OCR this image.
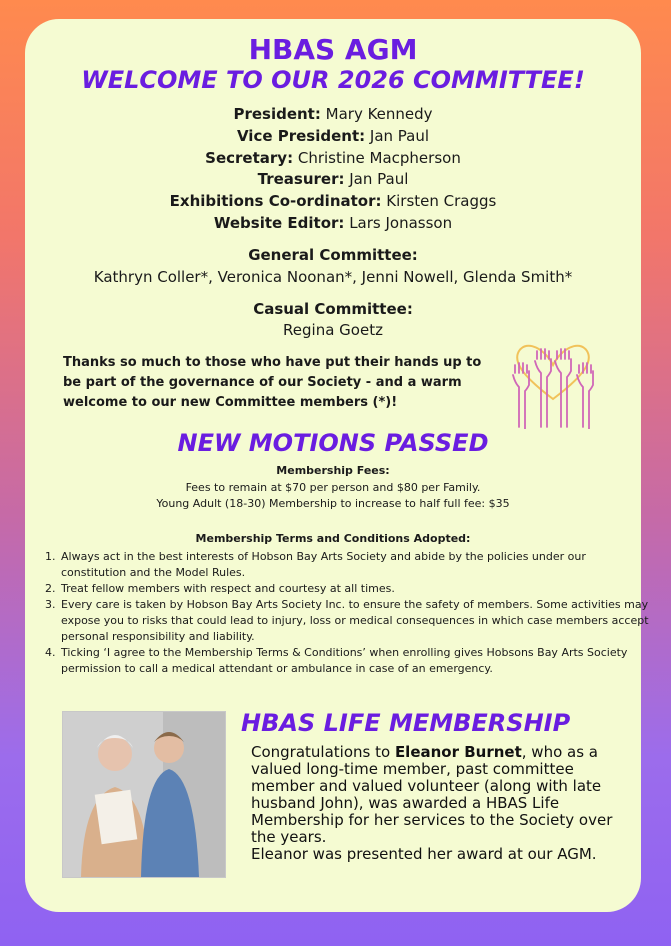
HBAS AGM
WELCOME TO OUR 2026 COMMITTEE!
President: Mary Kennedy
Vice President: Jan Paul
Secretary: Christine Macpherson
Treasurer: Jan Paul
Exhibitions Co-ordinator: Kirsten Craggs
Website Editor: Lars Jonasson
General Committee:
Kathryn Coller*, Veronica Noonan*, Jenni Nowell, Glenda Smith*
Casual Committee:
Regina Goetz
Thanks so much to those who have put their hands up to be part of the governance of our Society - and a warm welcome to our new Committee members (*)!
NEW MOTIONS PASSED
Membership Fees:
Fees to remain at $70 per person and $80 per Family.
Young Adult (18-30) Membership to increase to half full fee: $35
Membership Terms and Conditions Adopted:
1. Always act in the best interests of Hobson Bay Arts Society and abide by the policies under our constitution and the Model Rules.
2. Treat fellow members with respect and courtesy at all times.
3. Every care is taken by Hobson Bay Arts Society Inc. to ensure the safety of members. Some activities may expose you to risks that could lead to injury, loss or medical consequences in which case members accept personal responsibility and liability.
4. Ticking ‘I agree to the Membership Terms & Conditions’ when enrolling gives Hobsons Bay Arts Society permission to call a medical attendant or ambulance in case of an emergency.
HBAS LIFE MEMBERSHIP

Congratulations to Eleanor Burnet, who as a valued long-time member, past committee member and valued volunteer (along with late husband John), was awarded a HBAS Life Membership for her services to the Society over the years.

Eleanor was presented her award at our AGM.
